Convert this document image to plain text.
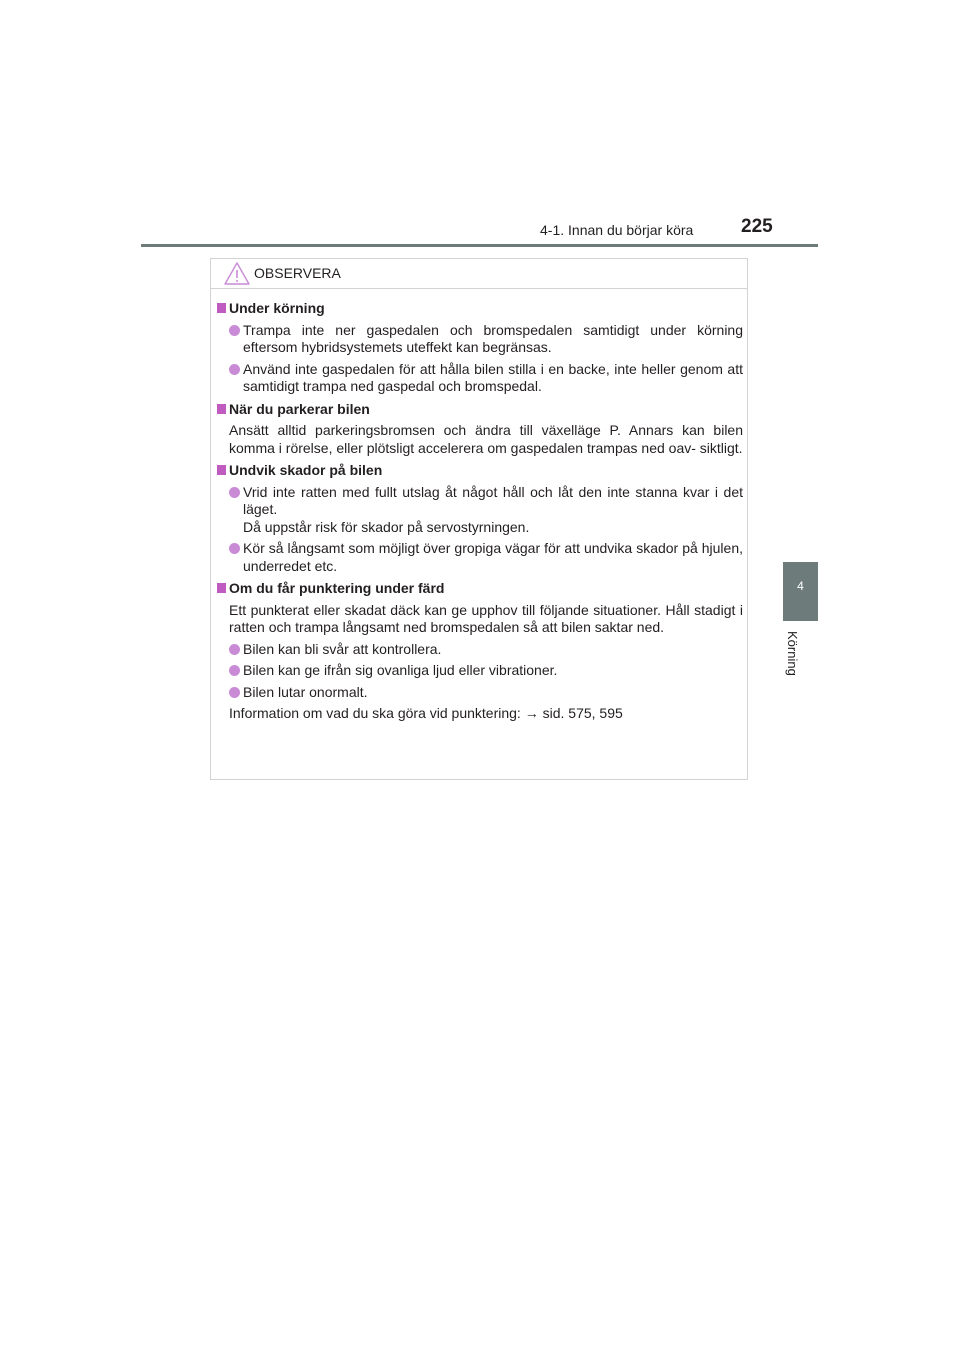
4-1. Innan du börjar köra	225
4
Körning
OBSERVERA
Under körning
Trampa inte ner gaspedalen och bromspedalen samtidigt under körning eftersom hybridsystemets uteffekt kan begränsas.
Använd inte gaspedalen för att hålla bilen stilla i en backe, inte heller genom att samtidigt trampa ned gaspedal och bromspedal.
När du parkerar bilen
Ansätt alltid parkeringsbromsen och ändra till växelläge P. Annars kan bilen komma i rörelse, eller plötsligt accelerera om gaspedalen trampas ned oav- siktligt.
Undvik skador på bilen
Vrid inte ratten med fullt utslag åt något håll och låt den inte stanna kvar i det läget.
Då uppstår risk för skador på servostyrningen.
Kör så långsamt som möjligt över gropiga vägar för att undvika skador på hjulen, underredet etc.
Om du får punktering under färd
Ett punkterat eller skadat däck kan ge upphov till följande situationer. Håll stadigt i ratten och trampa långsamt ned bromspedalen så att bilen saktar ned.
Bilen kan bli svår att kontrollera.
Bilen kan ge ifrån sig ovanliga ljud eller vibrationer.
Bilen lutar onormalt.
Information om vad du ska göra vid punktering: → sid. 575, 595
